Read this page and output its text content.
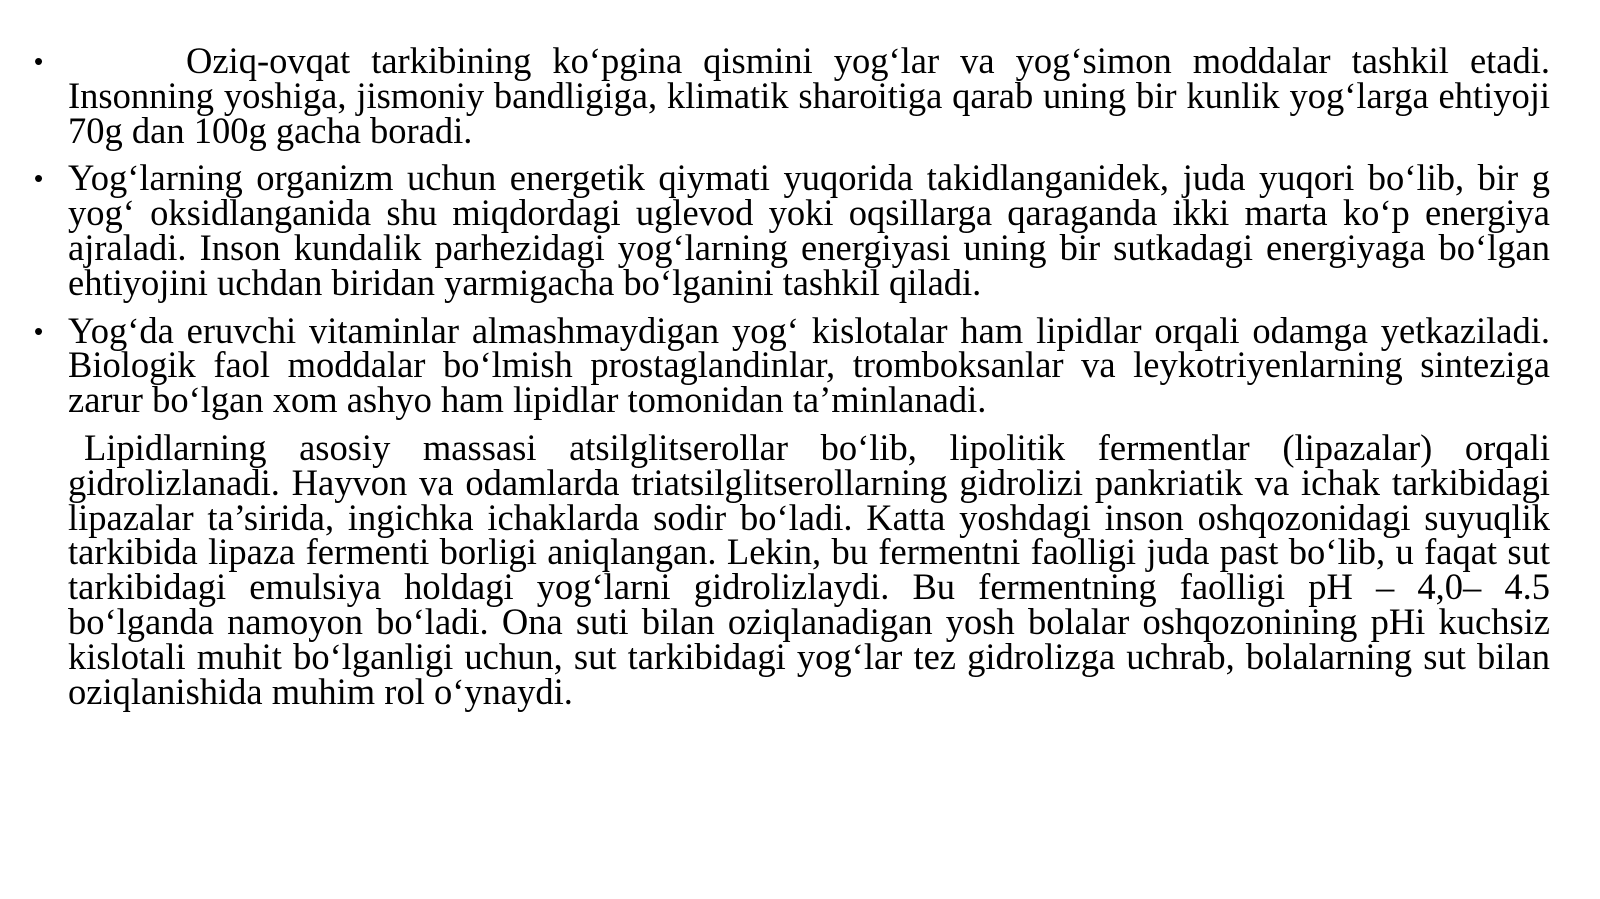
•	Oziq-ovqat tarkibining ko‘pgina qismini yog‘lar va yog‘simon moddalar tashkil etadi. Insonning yoshiga, jismoniy bandligiga, klimatik sharoitiga qarab uning bir kunlik yog‘larga ehtiyoji 70g dan 100g gacha boradi.

• Yog‘larning organizm uchun energetik qiymati yuqorida takidlanganidek, juda yuqori bo‘lib, bir g yog‘ oksidlanganida shu miqdordagi uglevod yoki oqsillarga qaraganda ikki marta ko‘p energiya ajraladi. Inson kundalik parhezidagi yog‘larning energiyasi uning bir sutkadagi energiyaga bo‘lgan ehtiyojini uchdan biridan yarmigacha bo‘lganini tashkil qiladi.

• Yog‘da eruvchi vitaminlar almashmaydigan yog‘ kislotalar ham lipidlar orqali odamga yetkaziladi. Biologik faol moddalar bo‘lmish prostaglandinlar, tromboksanlar va leykotriyenlarning sinteziga zarur bo‘lgan xom ashyo ham lipidlar tomonidan ta’minlanadi.

Lipidlarning asosiy massasi atsilglitserollar bo‘lib, lipolitik fermentlar (lipazalar) orqali gidrolizlanadi. Hayvon va odamlarda triatsilglitserollarning gidrolizi pankriatik va ichak tarkibidagi lipazalar ta’sirida, ingichka ichaklarda sodir bo‘ladi. Katta yoshdagi inson oshqozonidagi suyuqlik tarkibida lipaza fermenti borligi aniqlangan. Lekin, bu fermentni faolligi juda past bo‘lib, u faqat sut tarkibidagi emulsiya holdagi yog‘larni gidrolizlaydi. Bu fermentning faolligi pH – 4,0– 4.5 bo‘lganda namoyon bo‘ladi. Ona suti bilan oziqlanadigan yosh bolalar oshqozonining pHi kuchsiz kislotali muhit bo‘lganligi uchun, sut tarkibidagi yog‘lar tez gidrolizga uchrab, bolalarning sut bilan oziqlanishida muhim rol o‘ynaydi.
